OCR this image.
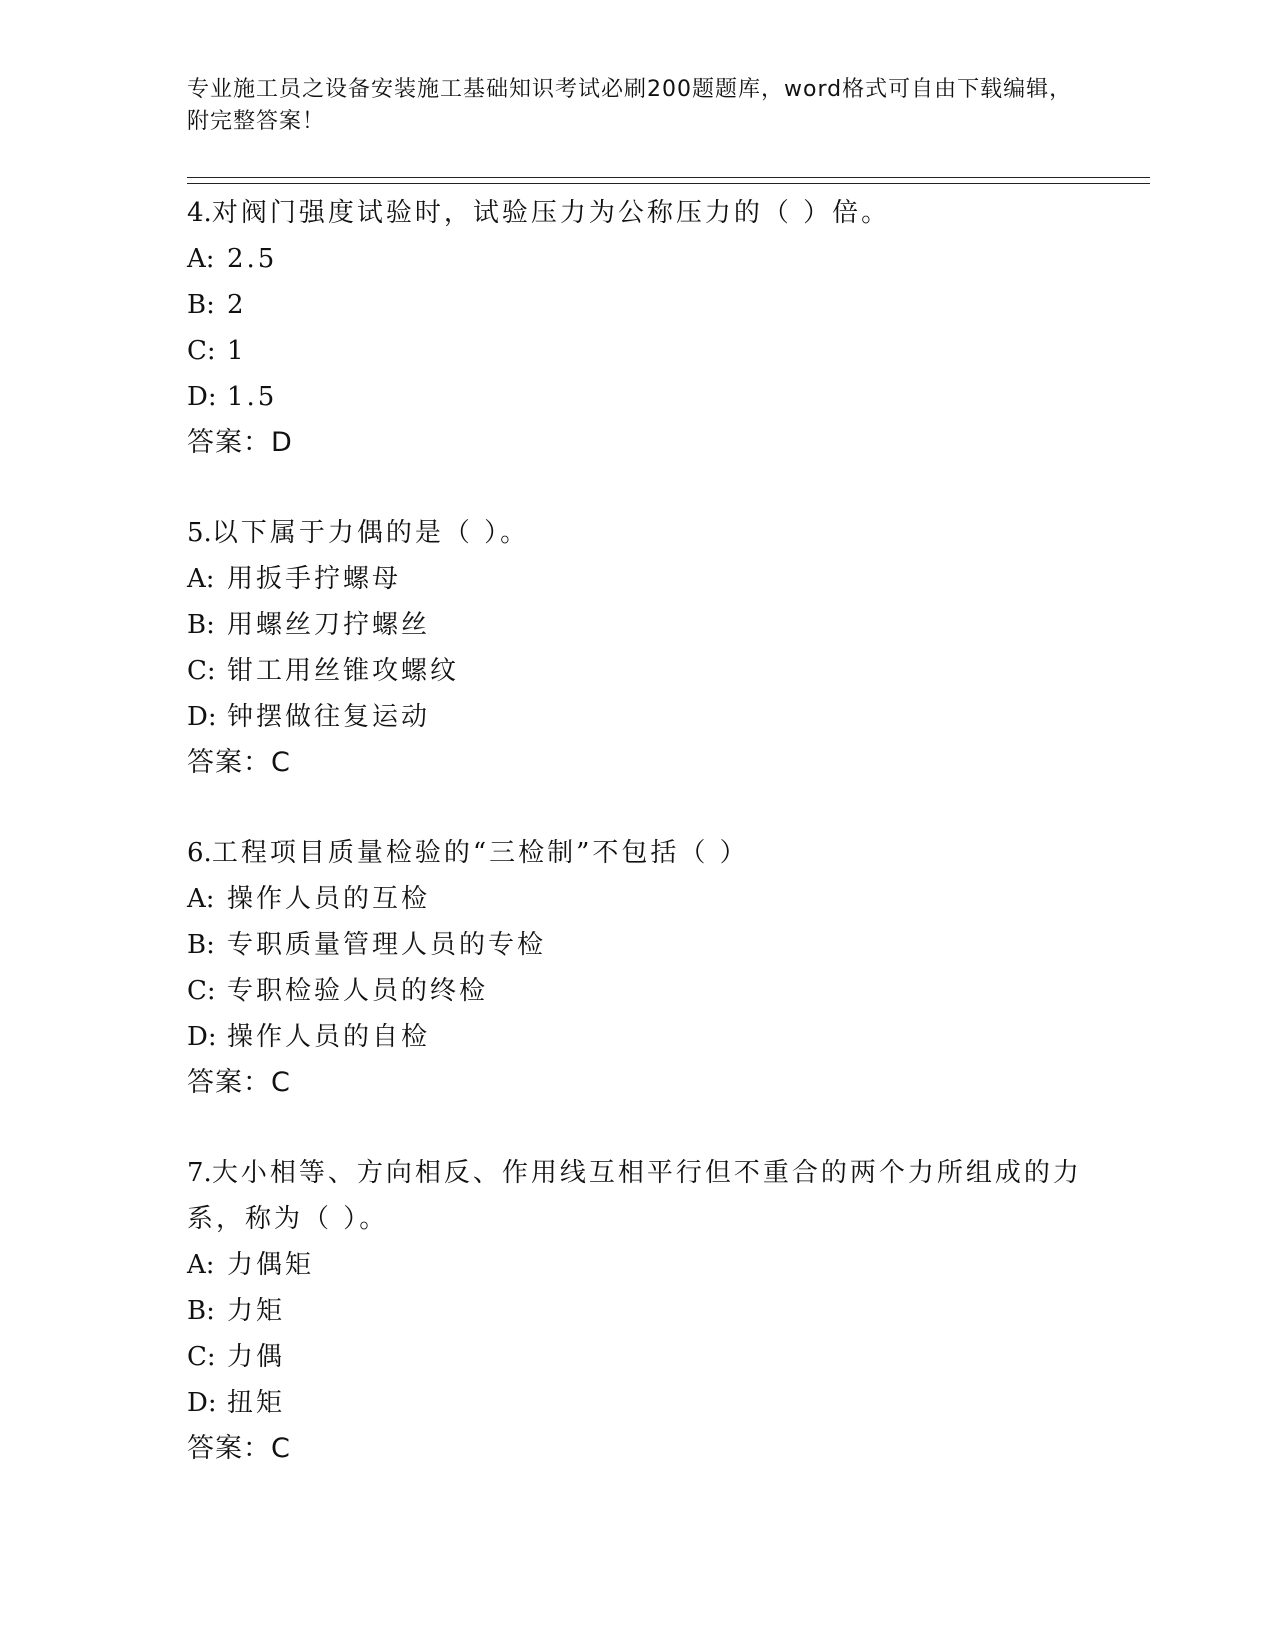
专业施工员之设备安装施工基础知识考试必刷200题题库，word格式可自由下载编辑，附完整答案！

4.对阀门强度试验时，试验压力为公称压力的（ ）倍。

A: 2.5

B: 2

C: 1

D: 1.5

答案：D

5.以下属于力偶的是（ ）。

A: 用扳手拧螺母

B: 用螺丝刀拧螺丝

C: 钳工用丝锥攻螺纹

D: 钟摆做往复运动

答案：C

6.工程项目质量检验的“三检制”不包括（ ）

A: 操作人员的互检

B: 专职质量管理人员的专检

C: 专职检验人员的终检

D: 操作人员的自检

答案：C

7.大小相等、方向相反、作用线互相平行但不重合的两个力所组成的力系，称为（ ）。

A: 力偶矩

B: 力矩

C: 力偶

D: 扭矩

答案：C
